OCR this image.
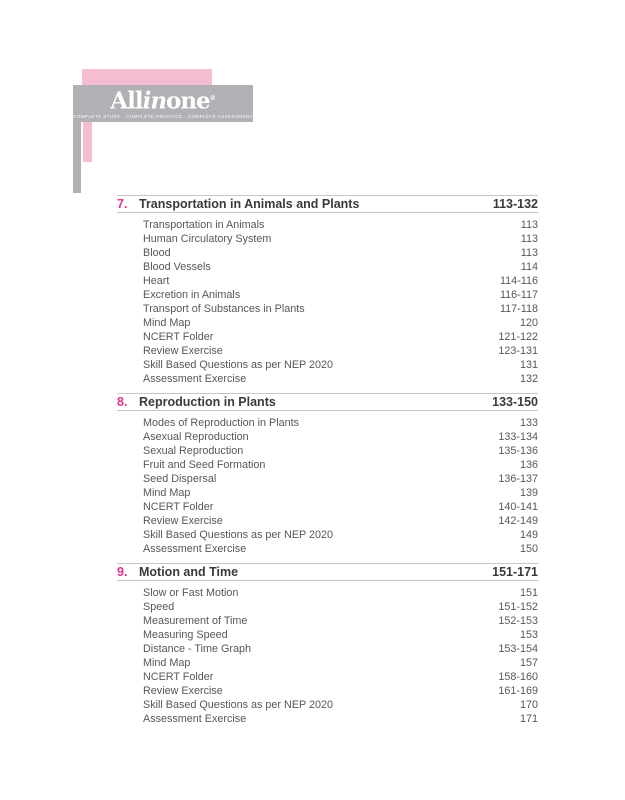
Allinone®
COMPLETE STUDY · COMPLETE PRACTICE · COMPLETE ASSESSMENT
7. Transportation in Animals and Plants	113-132
Transportation in Animals	113
Human Circulatory System	113
Blood	113
Blood Vessels	114
Heart	114-116
Excretion in Animals	116-117
Transport of Substances in Plants	117-118
Mind Map	120
NCERT Folder	121-122
Review Exercise	123-131
Skill Based Questions as per NEP 2020	131
Assessment Exercise	132
8. Reproduction in Plants	133-150
Modes of Reproduction in Plants	133
Asexual Reproduction	133-134
Sexual Reproduction	135-136
Fruit and Seed Formation	136
Seed Dispersal	136-137
Mind Map	139
NCERT Folder	140-141
Review Exercise	142-149
Skill Based Questions as per NEP 2020	149
Assessment Exercise	150
9. Motion and Time	151-171
Slow or Fast Motion	151
Speed	151-152
Measurement of Time	152-153
Measuring Speed	153
Distance - Time Graph	153-154
Mind Map	157
NCERT Folder	158-160
Review Exercise	161-169
Skill Based Questions as per NEP 2020	170
Assessment Exercise	171
